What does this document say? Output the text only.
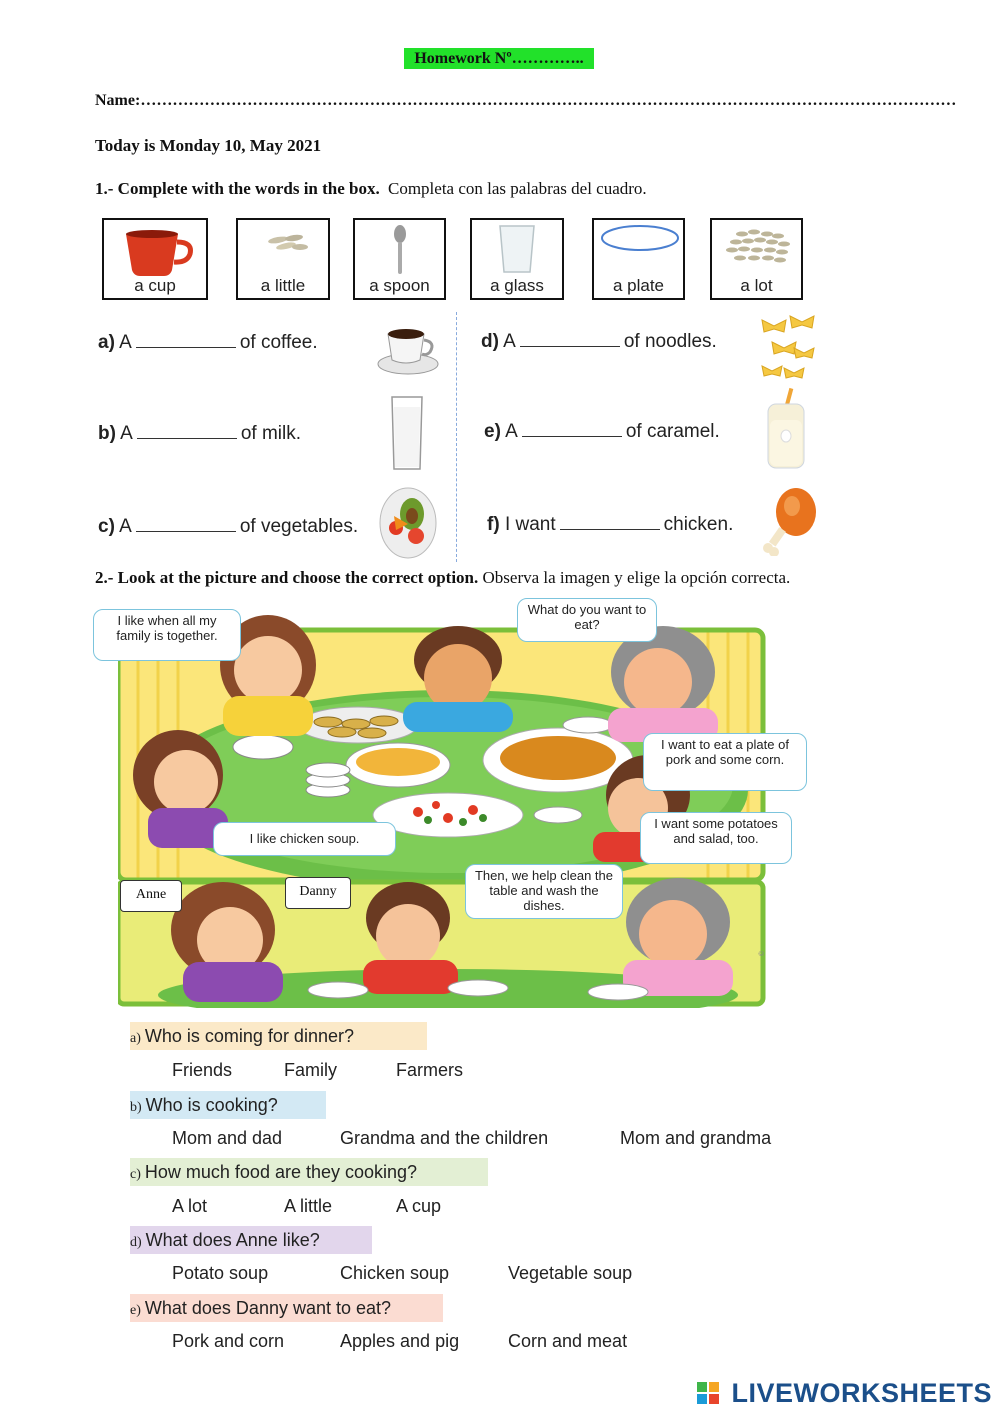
Homework Nº…………..
Name:………………………………………………………………………………………………………………………………………
Today is Monday 10, May 2021
1.- Complete with the words in the box. Completa con las palabras del cuadro.
a cup	a little	a spoon	a glass	a plate	a lot
a) A	of coffee.
b) A	of milk.
c) A	of vegetables.
d) A	of noodles.
e) A	of caramel.
f) I want	chicken.
2.- Look at the picture and choose the correct option. Observa la imagen y elige la opción correcta.
I like when all my family is together.
What do you want to eat?
I want to eat a plate of pork and some corn.
I like chicken soup.
I want some potatoes and salad, too.
Then, we help clean the table and wash the dishes.
Anne	Danny
©
a) Who is coming for dinner?
Friends	Family	Farmers
b) Who is cooking?
Mom and dad	Grandma and the children	Mom and grandma
c) How much food are they cooking?
A lot	A little	A cup
d) What does Anne like?
Potato soup	Chicken soup	Vegetable soup
e) What does Danny want to eat?
Pork and corn	Apples and pig	Corn and meat
LIVEWORKSHEETS
